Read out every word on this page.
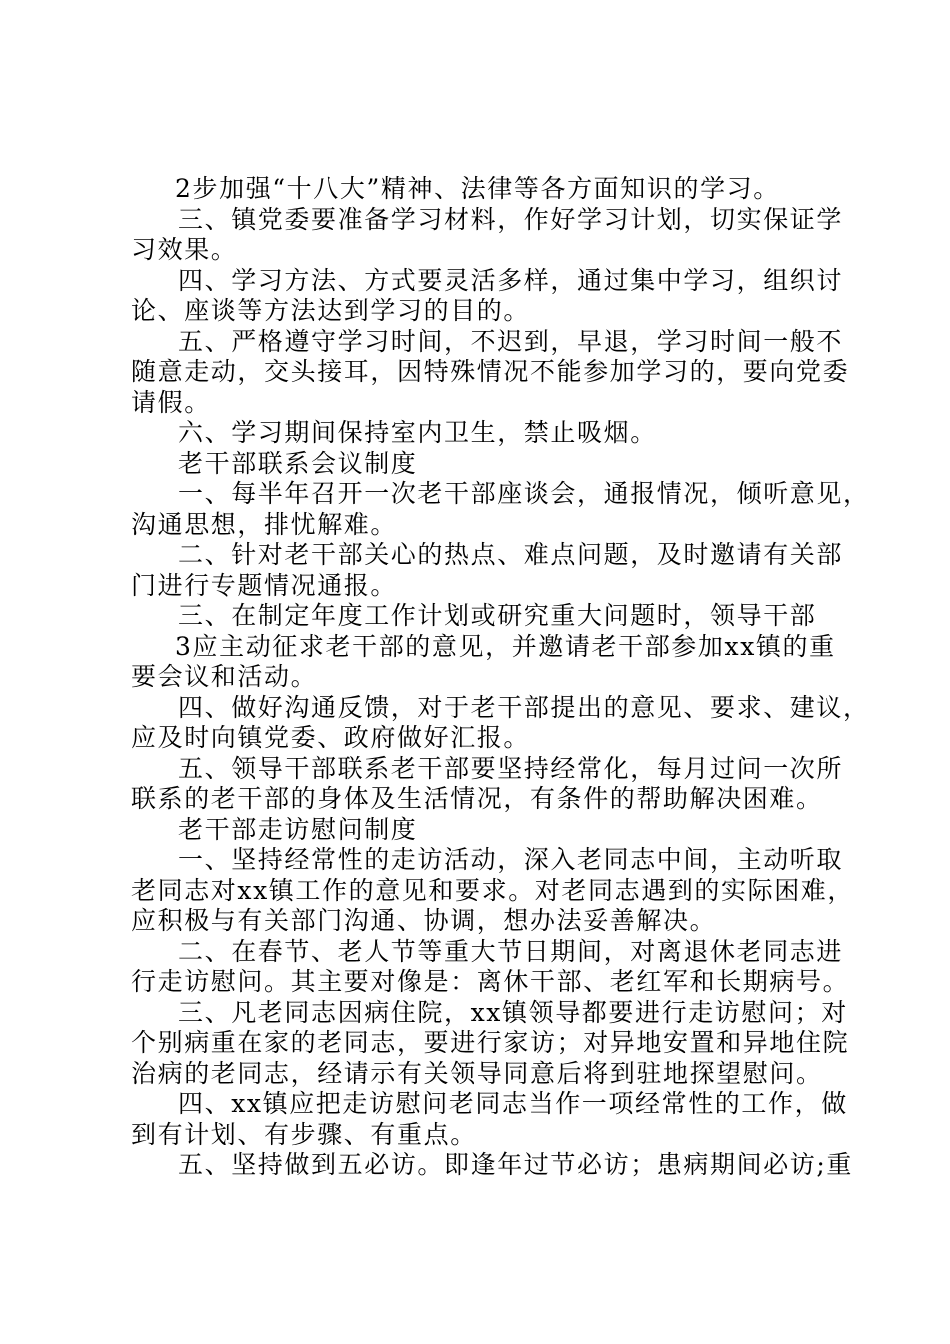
2步加强“十八大”精神、法律等各方面知识的学习。
三、镇党委要准备学习材料，作好学习计划，切实保证学
习效果。
四、学习方法、方式要灵活多样，通过集中学习，组织讨
论、座谈等方法达到学习的目的。
五、严格遵守学习时间，不迟到，早退，学习时间一般不
随意走动，交头接耳，因特殊情况不能参加学习的，要向党委
请假。
六、学习期间保持室内卫生，禁止吸烟。
老干部联系会议制度
一、每半年召开一次老干部座谈会，通报情况，倾听意见，
沟通思想，排忧解难。
二、针对老干部关心的热点、难点问题，及时邀请有关部
门进行专题情况通报。
三、在制定年度工作计划或研究重大问题时，领导干部
3应主动征求老干部的意见，并邀请老干部参加xx镇的重
要会议和活动。
四、做好沟通反馈，对于老干部提出的意见、要求、建议，
应及时向镇党委、政府做好汇报。
五、领导干部联系老干部要坚持经常化，每月过问一次所
联系的老干部的身体及生活情况，有条件的帮助解决困难。
老干部走访慰问制度
一、坚持经常性的走访活动，深入老同志中间，主动听取
老同志对xx镇工作的意见和要求。对老同志遇到的实际困难，
应积极与有关部门沟通、协调，想办法妥善解决。
二、在春节、老人节等重大节日期间，对离退休老同志进
行走访慰问。其主要对像是：离休干部、老红军和长期病号。
三、凡老同志因病住院，xx镇领导都要进行走访慰问；对
个别病重在家的老同志，要进行家访；对异地安置和异地住院
治病的老同志，经请示有关领导同意后将到驻地探望慰问。
四、xx镇应把走访慰问老同志当作一项经常性的工作，做
到有计划、有步骤、有重点。
五、坚持做到五必访。即逢年过节必访；患病期间必访;重
